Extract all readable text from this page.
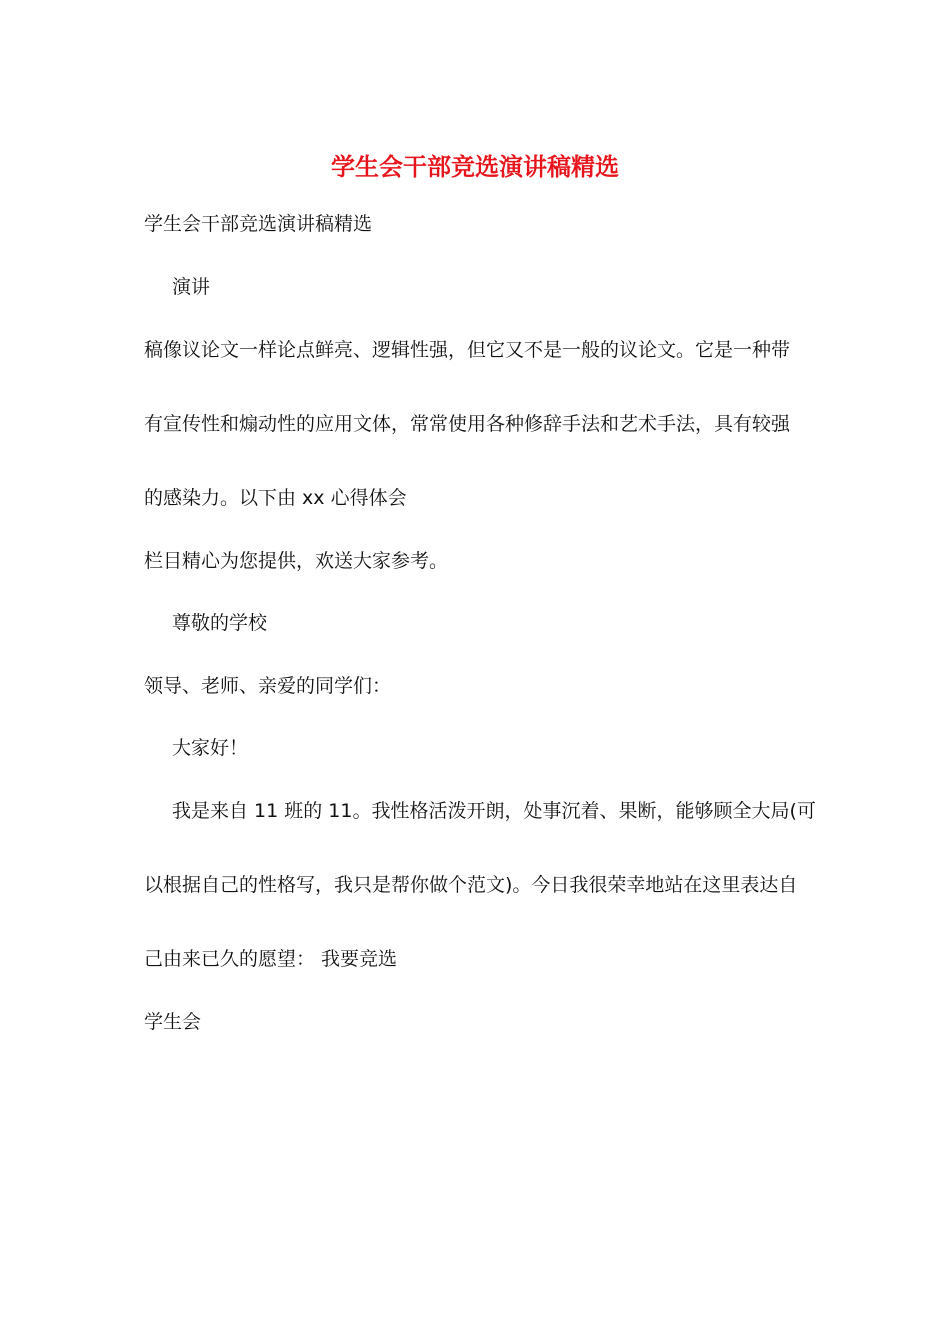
学生会干部竞选演讲稿精选
学生会干部竞选演讲稿精选
演讲
稿像议论文一样论点鲜亮、逻辑性强，但它又不是一般的议论文。它是一种带
有宣传性和煽动性的应用文体，常常使用各种修辞手法和艺术手法，具有较强
的感染力。以下由 xx 心得体会
栏目精心为您提供，欢送大家参考。
尊敬的学校
领导、老师、亲爱的同学们：
大家好！
我是来自 11 班的 11。我性格活泼开朗，处事沉着、果断，能够顾全大局(可
以根据自己的性格写，我只是帮你做个范文)。今日我很荣幸地站在这里表达自
己由来已久的愿望： 我要竞选
学生会
